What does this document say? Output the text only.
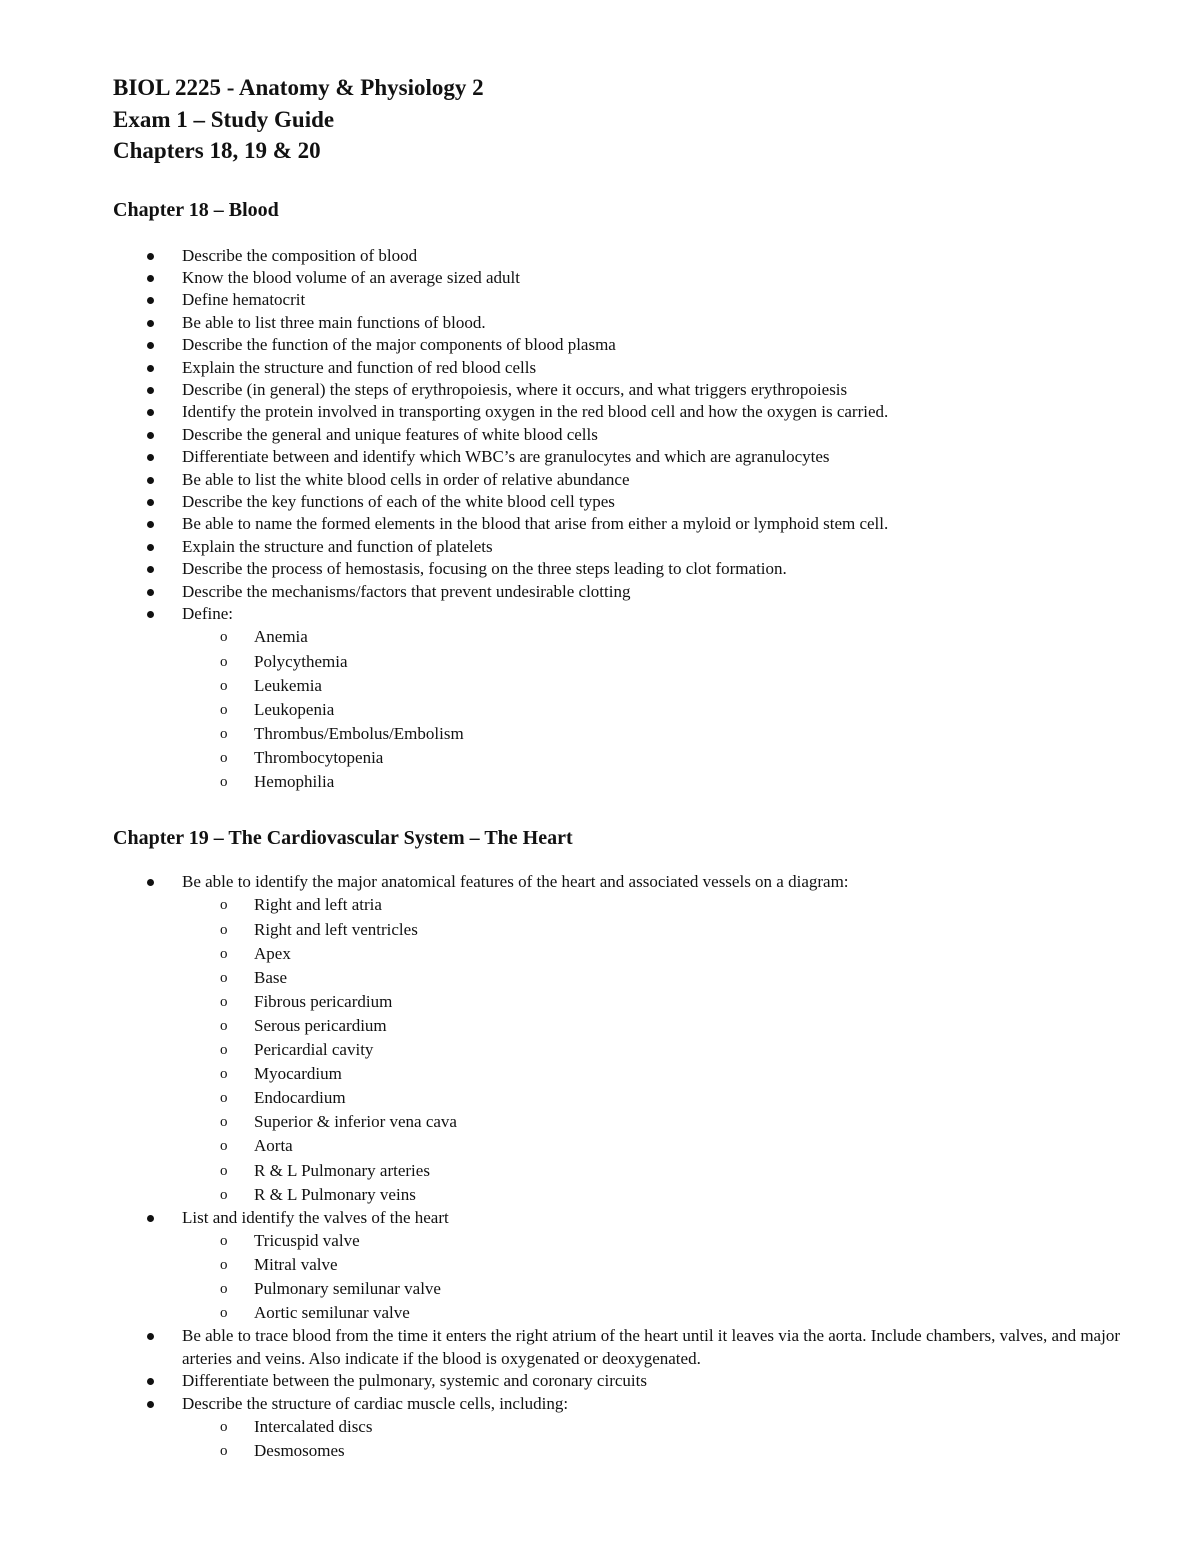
BIOL 2225 - Anatomy & Physiology 2
Exam 1 – Study Guide
Chapters 18, 19 & 20
Chapter 18 – Blood
Describe the composition of blood
Know the blood volume of an average sized adult
Define hematocrit
Be able to list three main functions of blood.
Describe the function of the major components of blood plasma
Explain the structure and function of red blood cells
Describe (in general) the steps of erythropoiesis, where it occurs, and what triggers erythropoiesis
Identify the protein involved in transporting oxygen in the red blood cell and how the oxygen is carried.
Describe the general and unique features of white blood cells
Differentiate between and identify which WBC’s are granulocytes and which are agranulocytes
Be able to list the white blood cells in order of relative abundance
Describe the key functions of each of the white blood cell types
Be able to name the formed elements in the blood that arise from either a myloid or lymphoid stem cell.
Explain the structure and function of platelets
Describe the process of hemostasis, focusing on the three steps leading to clot formation.
Describe the mechanisms/factors that prevent undesirable clotting
Define:
o Anemia
o Polycythemia
o Leukemia
o Leukopenia
o Thrombus/Embolus/Embolism
o Thrombocytopenia
o Hemophilia
Chapter 19 – The Cardiovascular System – The Heart
Be able to identify the major anatomical features of the heart and associated vessels on a diagram:
o Right and left atria
o Right and left ventricles
o Apex
o Base
o Fibrous pericardium
o Serous pericardium
o Pericardial cavity
o Myocardium
o Endocardium
o Superior & inferior vena cava
o Aorta
o R & L Pulmonary arteries
o R & L Pulmonary veins
List and identify the valves of the heart
o Tricuspid valve
o Mitral valve
o Pulmonary semilunar valve
o Aortic semilunar valve
Be able to trace blood from the time it enters the right atrium of the heart until it leaves via the aorta. Include chambers, valves, and major arteries and veins. Also indicate if the blood is oxygenated or deoxygenated.
Differentiate between the pulmonary, systemic and coronary circuits
Describe the structure of cardiac muscle cells, including:
o Intercalated discs
o Desmosomes
